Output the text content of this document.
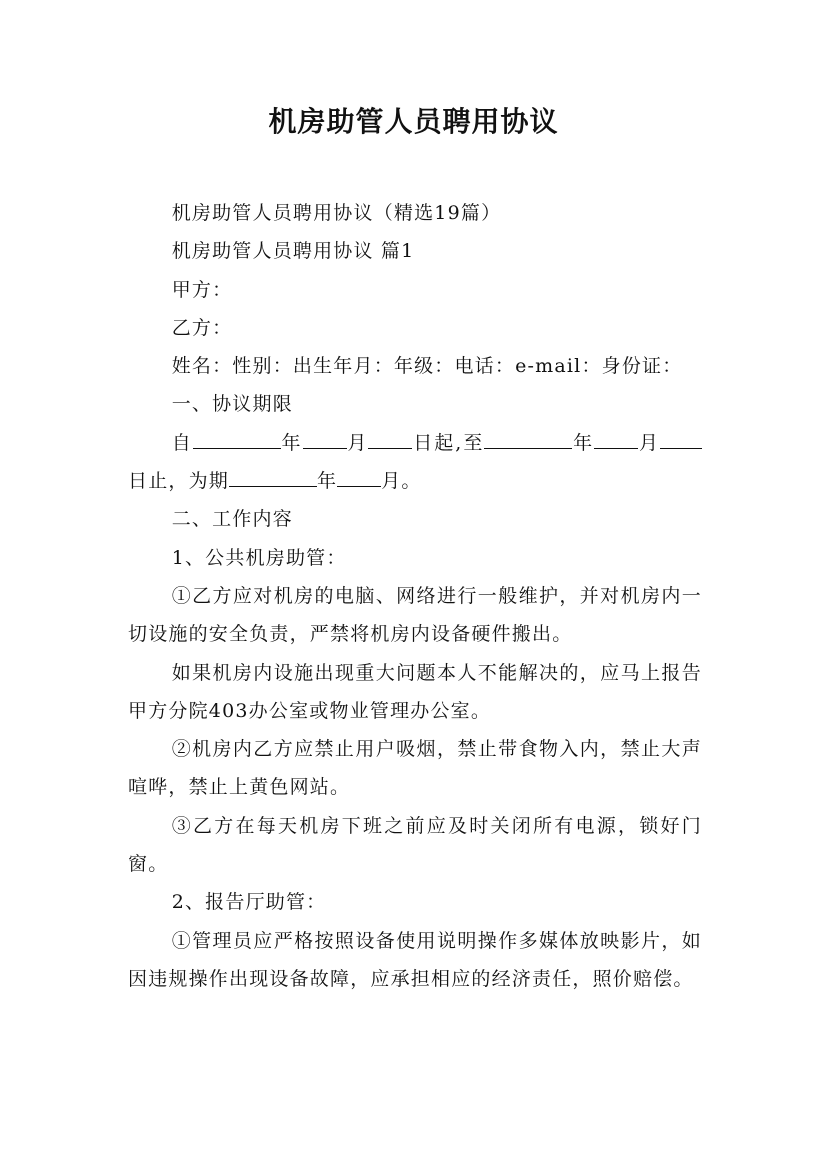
机房助管人员聘用协议

机房助管人员聘用协议（精选19篇）

机房助管人员聘用协议 篇1

甲方：

乙方：

姓名：性别：出生年月：年级：电话：e-mail：身份证：

一、协议期限

自	年 月 日起,至	年 月日止，为期	年 月。

二、工作内容

1、公共机房助管：

①乙方应对机房的电脑、网络进行一般维护，并对机房内一切设施的安全负责，严禁将机房内设备硬件搬出。

如果机房内设施出现重大问题本人不能解决的，应马上报告甲方分院403办公室或物业管理办公室。

②机房内乙方应禁止用户吸烟，禁止带食物入内，禁止大声喧哗，禁止上黄色网站。

③乙方在每天机房下班之前应及时关闭所有电源，锁好门窗。

2、报告厅助管：

①管理员应严格按照设备使用说明操作多媒体放映影片，如因违规操作出现设备故障，应承担相应的经济责任，照价赔偿。
